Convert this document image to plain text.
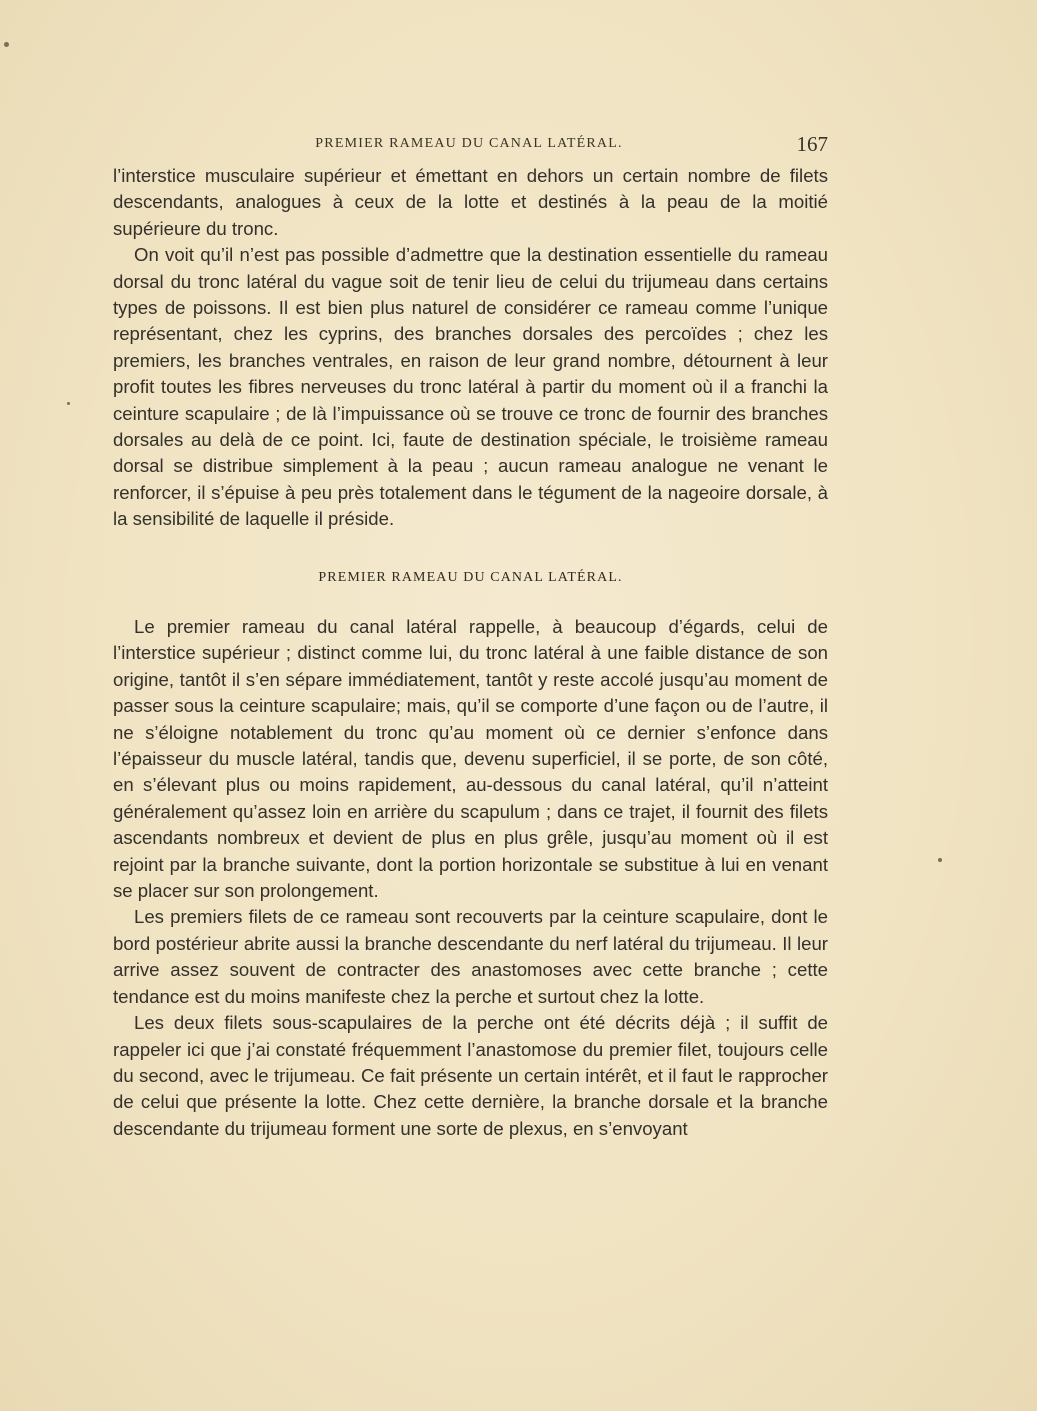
PREMIER RAMEAU DU CANAL LATÉRAL.	167

l’interstice musculaire supérieur et émettant en dehors un certain nombre de filets descendants, analogues à ceux de la lotte et destinés à la peau de la moitié supérieure du tronc.

On voit qu’il n’est pas possible d’admettre que la destination essentielle du rameau dorsal du tronc latéral du vague soit de tenir lieu de celui du trijumeau dans certains types de poissons. Il est bien plus naturel de considérer ce rameau comme l’unique représentant, chez les cyprins, des branches dorsales des percoïdes ; chez les premiers, les branches ventrales, en raison de leur grand nombre, détournent à leur profit toutes les fibres nerveuses du tronc latéral à partir du moment où il a franchi la ceinture scapulaire ; de là l’impuissance où se trouve ce tronc de fournir des branches dorsales au delà de ce point. Ici, faute de destination spéciale, le troisième rameau dorsal se distribue simplement à la peau ; aucun rameau analogue ne venant le renforcer, il s’épuise à peu près totalement dans le tégument de la nageoire dorsale, à la sensibilité de laquelle il préside.

PREMIER RAMEAU DU CANAL LATÉRAL.

Le premier rameau du canal latéral rappelle, à beaucoup d’égards, celui de l’interstice supérieur ; distinct comme lui, du tronc latéral à une faible distance de son origine, tantôt il s’en sépare immédiatement, tantôt y reste accolé jusqu’au moment de passer sous la ceinture scapulaire; mais, qu’il se comporte d’une façon ou de l’autre, il ne s’éloigne notablement du tronc qu’au moment où ce dernier s’enfonce dans l’épaisseur du muscle latéral, tandis que, devenu superficiel, il se porte, de son côté, en s’élevant plus ou moins rapidement, au-dessous du canal latéral, qu’il n’atteint généralement qu’assez loin en arrière du scapulum ; dans ce trajet, il fournit des filets ascendants nombreux et devient de plus en plus grêle, jusqu’au moment où il est rejoint par la branche suivante, dont la portion horizontale se substitue à lui en venant se placer sur son prolongement.

Les premiers filets de ce rameau sont recouverts par la ceinture scapulaire, dont le bord postérieur abrite aussi la branche descendante du nerf latéral du trijumeau. Il leur arrive assez souvent de contracter des anastomoses avec cette branche ; cette tendance est du moins manifeste chez la perche et surtout chez la lotte.

Les deux filets sous-scapulaires de la perche ont été décrits déjà ; il suffit de rappeler ici que j’ai constaté fréquemment l’anastomose du premier filet, toujours celle du second, avec le trijumeau. Ce fait présente un certain intérêt, et il faut le rapprocher de celui que présente la lotte. Chez cette dernière, la branche dorsale et la branche descendante du trijumeau forment une sorte de plexus, en s’envoyant
